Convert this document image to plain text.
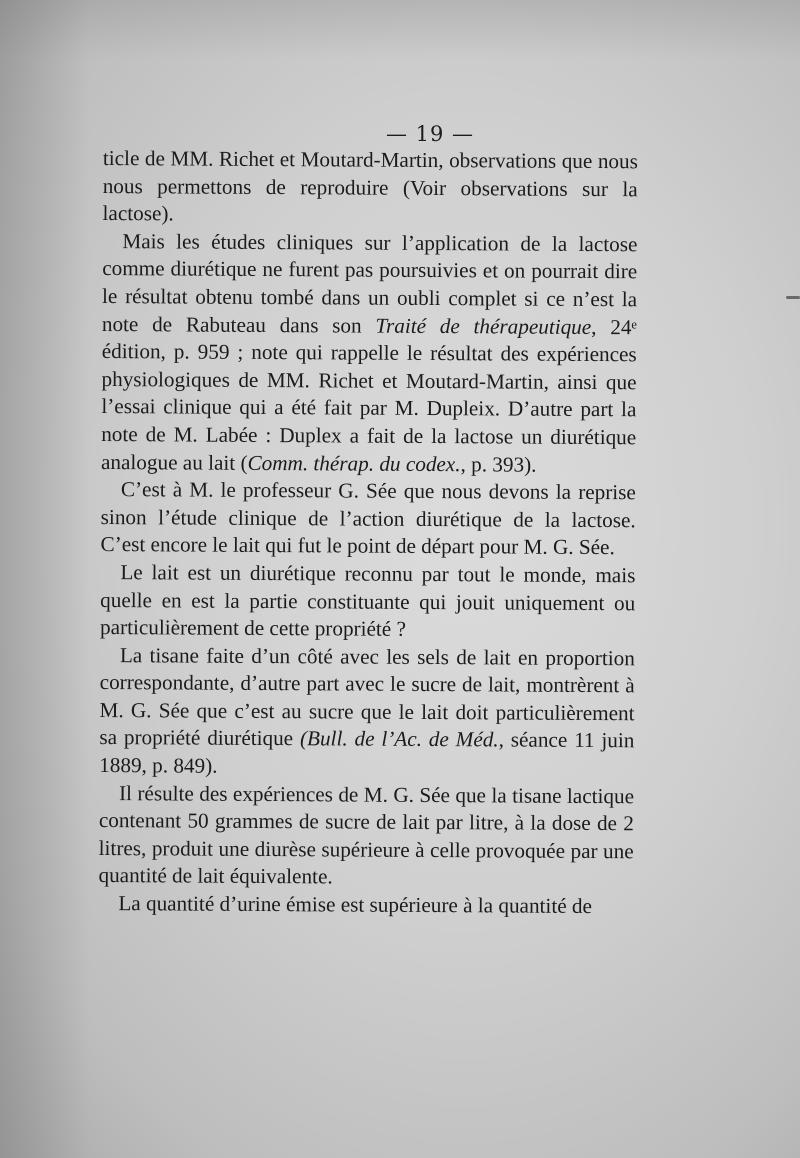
— 19 —

ticle de MM. Richet et Moutard-Martin, observations que nous nous permettons de reproduire (Voir observations sur la lactose).

Mais les études cliniques sur l’application de la lactose comme diurétique ne furent pas poursuivies et on pourrait dire le résultat obtenu tombé dans un oubli complet si ce n’est la note de Rabuteau dans son Traité de thérapeutique, 24ᵉ édition, p. 959 ; note qui rappelle le résultat des expériences physiologiques de MM. Richet et Moutard-Martin, ainsi que l’essai clinique qui a été fait par M. Dupleix. D’autre part la note de M. Labée : Duplex a fait de la lactose un diurétique analogue au lait (Comm. thérap. du codex., p. 393).

C’est à M. le professeur G. Sée que nous devons la reprise sinon l’étude clinique de l’action diurétique de la lactose. C’est encore le lait qui fut le point de départ pour M. G. Sée.

Le lait est un diurétique reconnu par tout le monde, mais quelle en est la partie constituante qui jouit uniquement ou particulièrement de cette propriété ?

La tisane faite d’un côté avec les sels de lait en proportion correspondante, d’autre part avec le sucre de lait, montrèrent à M. G. Sée que c’est au sucre que le lait doit particulièrement sa propriété diurétique (Bull. de l’Ac. de Méd., séance 11 juin 1889, p. 849).

Il résulte des expériences de M. G. Sée que la tisane lactique contenant 50 grammes de sucre de lait par litre, à la dose de 2 litres, produit une diurèse supérieure à celle provoquée par une quantité de lait équivalente.

La quantité d’urine émise est supérieure à la quantité de
